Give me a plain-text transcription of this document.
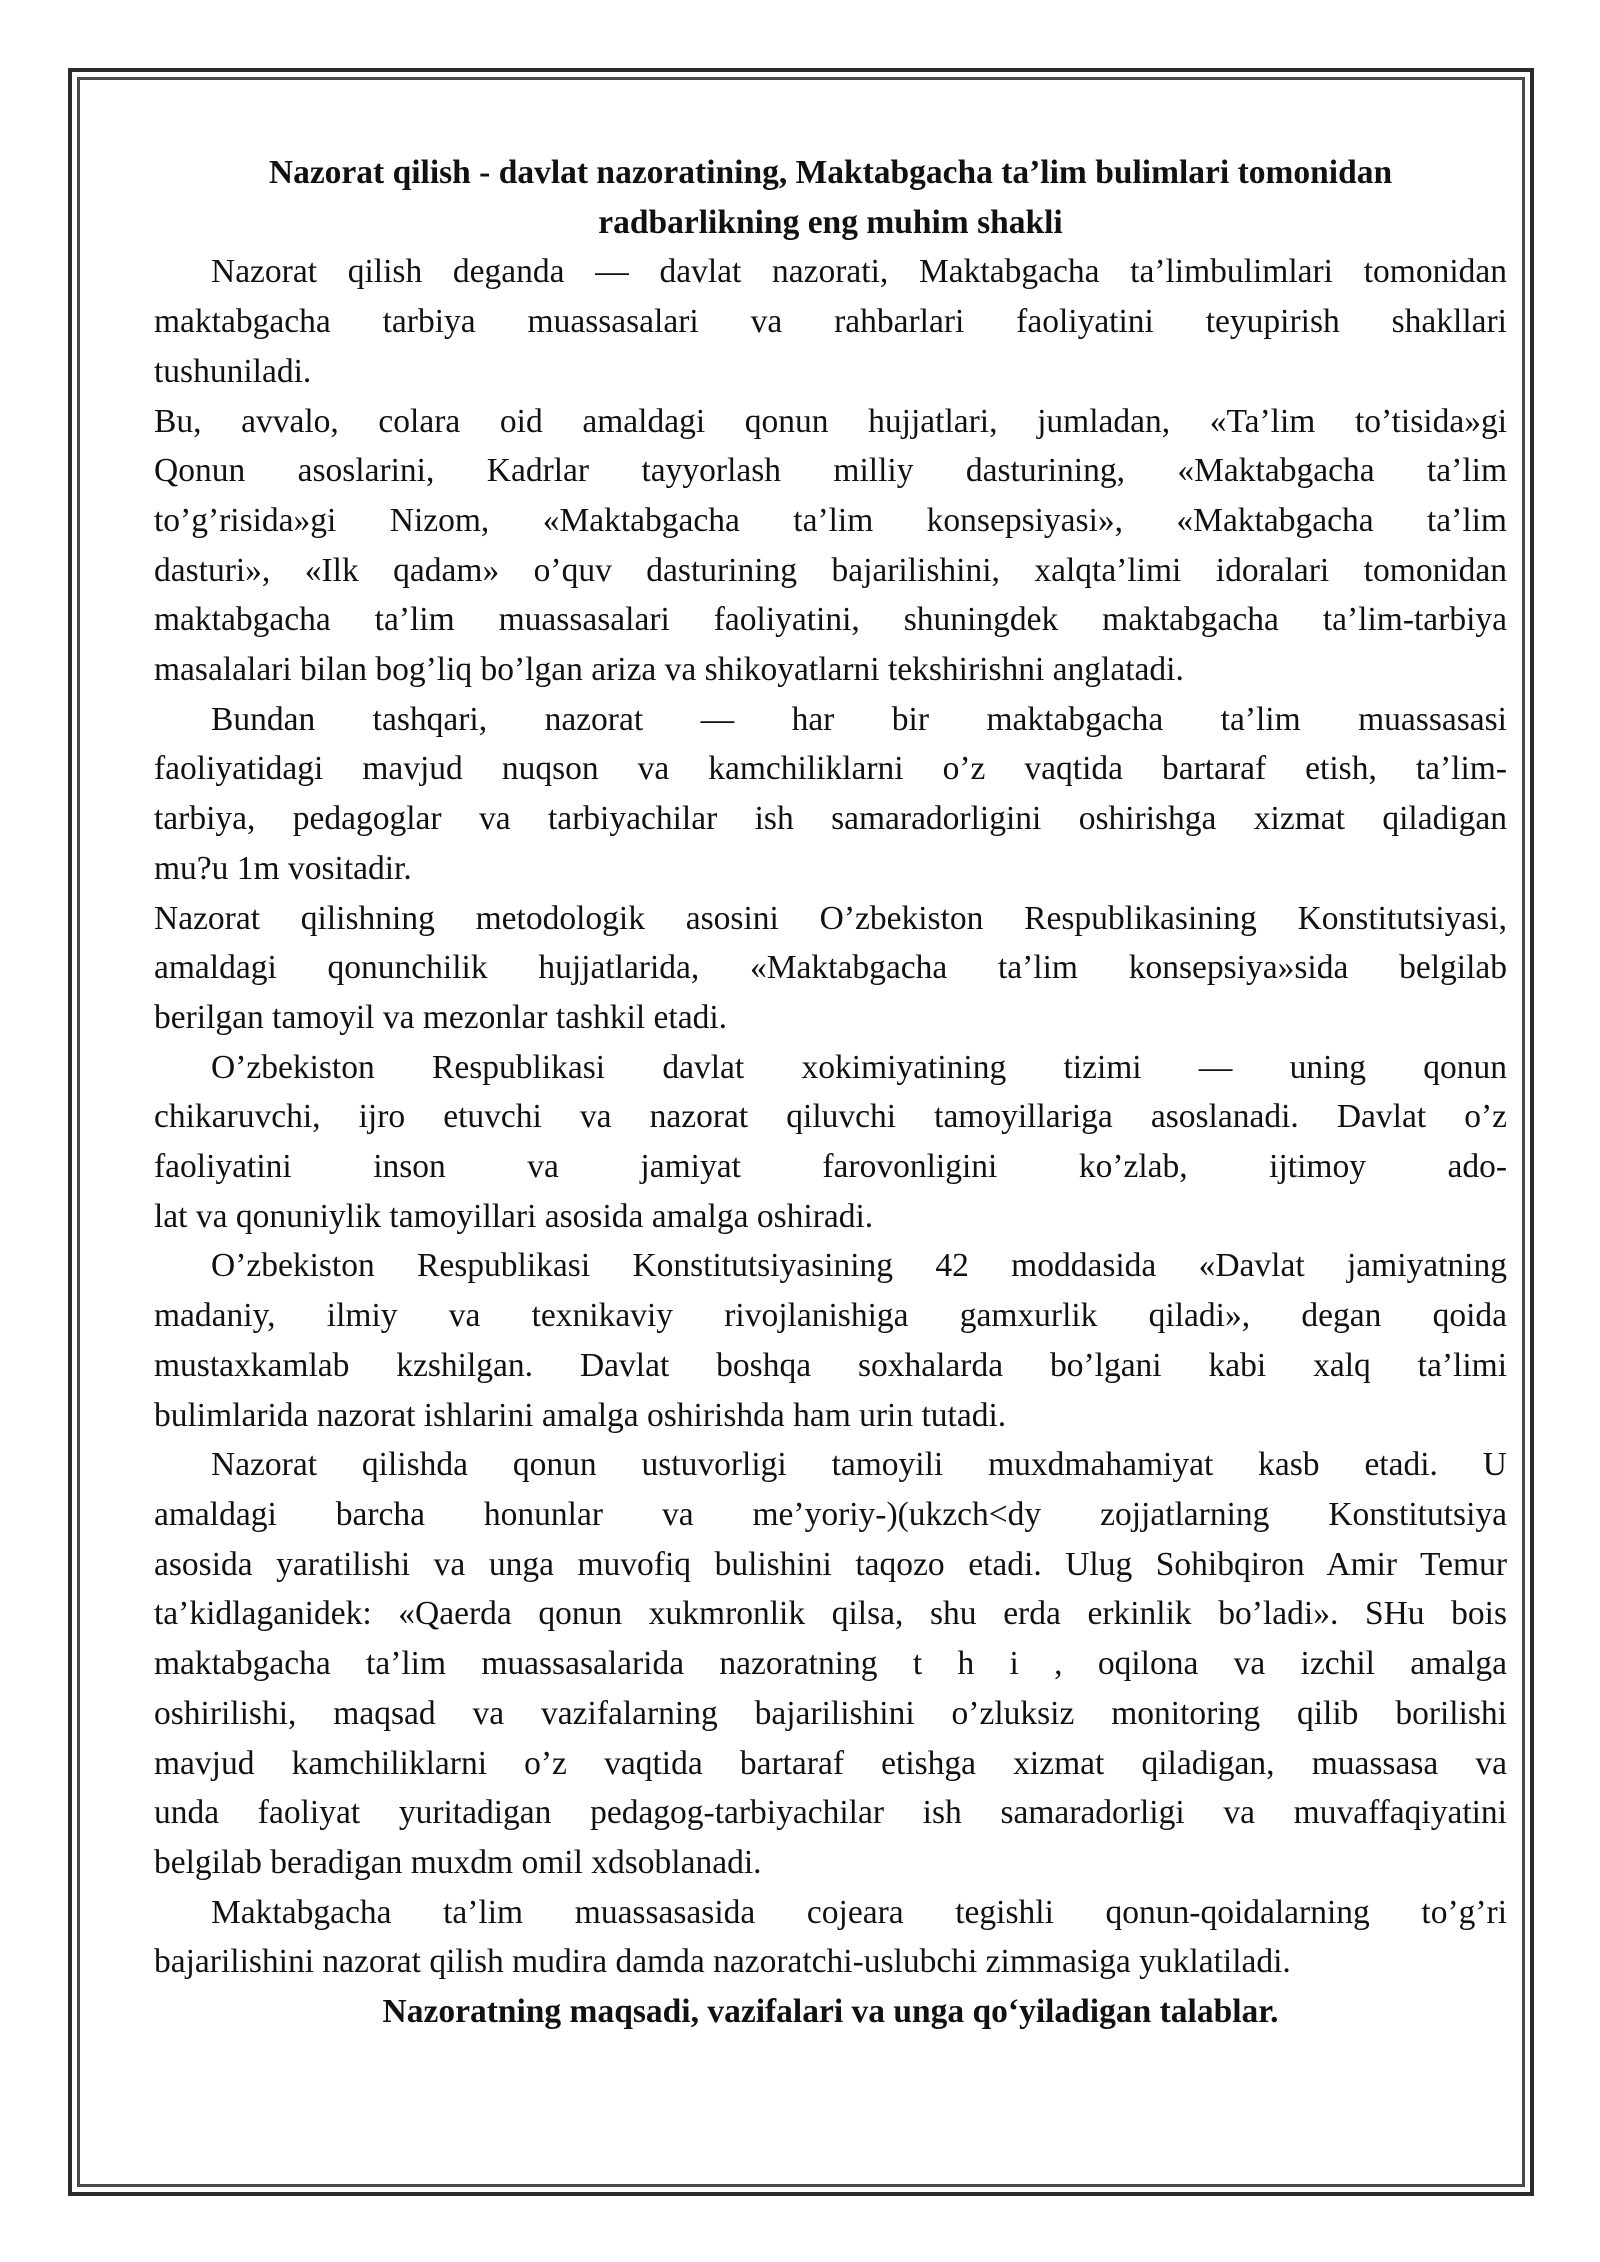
Nazorat qilish - davlat nazoratining, Maktabgacha ta’lim bulimlari tomonidan
radbarlikning eng muhim shakli
Nazorat qilish deganda — davlat nazorati, Maktabgacha ta’limbulimlari tomonidan
maktabgacha tarbiya muassasalari va rahbarlari faoliyatini teyupirish shakllari
tushuniladi.
Bu, avvalo, colara oid amaldagi qonun hujjatlari, jumladan, «Ta’lim to’tisida»gi
Qonun asoslarini, Kadrlar tayyorlash milliy dasturining, «Maktabgacha ta’lim
to’g’risida»gi Nizom, «Maktabgacha ta’lim konsepsiyasi», «Maktabgacha ta’lim
dasturi», «Ilk qadam» o’quv dasturining bajarilishini, xalqta’limi idoralari tomonidan
maktabgacha ta’lim muassasalari faoliyatini, shuningdek maktabgacha ta’lim-tarbiya
masalalari bilan bog’liq bo’lgan ariza va shikoyatlarni tekshirishni anglatadi.
Bundan tashqari, nazorat — har bir maktabgacha ta’lim muassasasi
faoliyatidagi mavjud nuqson va kamchiliklarni o’z vaqtida bartaraf etish, ta’lim-
tarbiya, pedagoglar va tarbiyachilar ish samaradorligini oshirishga xizmat qiladigan
mu?u 1m vositadir.
Nazorat qilishning metodologik asosini O’zbekiston Respublikasining Konstitutsiyasi,
amaldagi qonunchilik hujjatlarida, «Maktabgacha ta’lim konsepsiya»sida belgilab
berilgan tamoyil va mezonlar tashkil etadi.
O’zbekiston Respublikasi davlat xokimiyatining tizimi — uning qonun
chikaruvchi, ijro etuvchi va nazorat qiluvchi tamoyillariga asoslanadi. Davlat o’z
faoliyatini inson va jamiyat farovonligini ko’zlab, ijtimoy ado-
lat va qonuniylik tamoyillari asosida amalga oshiradi.
O’zbekiston Respublikasi Konstitutsiyasining 42 moddasida «Davlat jamiyatning
madaniy, ilmiy va texnikaviy rivojlanishiga gamxurlik qiladi», degan qoida
mustaxkamlab kzshilgan. Davlat boshqa soxhalarda bo’lgani kabi xalq ta’limi
bulimlarida nazorat ishlarini amalga oshirishda ham urin tutadi.
Nazorat qilishda qonun ustuvorligi tamoyili muxdmahamiyat kasb etadi. U
amaldagi barcha honunlar va me’yoriy-)(ukzch<dy zojjatlarning Konstitutsiya
asosida yaratilishi va unga muvofiq bulishini taqozo etadi. Ulug Sohibqiron Amir Temur
ta’kidlaganidek: «Qaerda qonun xukmronlik qilsa, shu erda erkinlik bo’ladi». SHu bois
maktabgacha ta’lim muassasalarida nazoratning t h i , oqilona va izchil amalga
oshirilishi, maqsad va vazifalarning bajarilishini o’zluksiz monitoring qilib borilishi
mavjud kamchiliklarni o’z vaqtida bartaraf etishga xizmat qiladigan, muassasa va
unda faoliyat yuritadigan pedagog-tarbiyachilar ish samaradorligi va muvaffaqiyatini
belgilab beradigan muxdm omil xdsoblanadi.
Maktabgacha ta’lim muassasasida cojeara tegishli qonun-qoidalarning to’g’ri
bajarilishini nazorat qilish mudira damda nazoratchi-uslubchi zimmasiga yuklatiladi.
Nazoratning maqsadi, vazifalari va unga qo‘yiladigan talablar.
